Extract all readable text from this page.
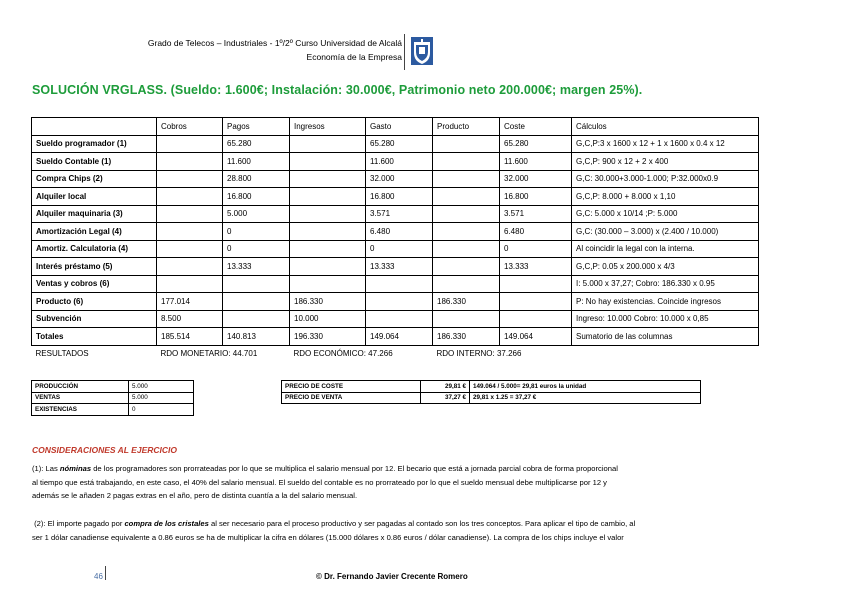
Grado de Telecos – Industriales - 1º/2º Curso Universidad de Alcalá
Economía de la Empresa
SOLUCIÓN VRGLASS. (Sueldo: 1.600€; Instalación: 30.000€, Patrimonio neto 200.000€; margen 25%).
	Cobros	Pagos	Ingresos	Gasto	Producto	Coste	Cálculos
Sueldo programador (1)		65.280		65.280		65.280	G,C,P:3 x 1600 x 12 + 1 x 1600 x 0.4 x 12
Sueldo Contable (1)		11.600		11.600		11.600	G,C,P: 900 x 12 + 2 x 400
Compra Chips (2)		28.800		32.000		32.000	G,C: 30.000+3.000-1.000; P:32.000x0.9
Alquiler local		16.800		16.800		16.800	G,C,P: 8.000 + 8.000 x 1,10
Alquiler maquinaria (3)		5.000		3.571		3.571	G,C: 5.000 x 10/14 ;P: 5.000
Amortización Legal (4)		0		6.480		6.480	G,C: (30.000 – 3.000) x (2.400 / 10.000)
Amortiz. Calculatoria (4)		0		0		0	Al coincidir la legal con la interna.
Interés préstamo (5)		13.333		13.333		13.333	G,C,P: 0.05 x 200.000 x 4/3
Ventas y cobros (6)							I: 5.000 x 37,27; Cobro: 186.330 x 0.95
Producto (6)	177.014		186.330		186.330		P: No hay existencias. Coincide ingresos
Subvención	8.500		10.000				Ingreso: 10.000 Cobro: 10.000 x 0,85
Totales	185.514	140.813	196.330	149.064	186.330	149.064	Sumatorio de las columnas
RESULTADOS	RDO MONETARIO: 44.701		RDO ECONÓMICO: 47.266		RDO INTERNO: 37.266		
PRODUCCIÓN	5.000
VENTAS	5.000
EXISTENCIAS	0
PRECIO DE COSTE	29,81 €	149.064 / 5.000= 29,81 euros la unidad
PRECIO DE VENTA	37,27 €	29,81 x 1.25 = 37,27 €
CONSIDERACIONES AL EJERCICIO
(1): Las nóminas de los programadores son prorrateadas por lo que se multiplica el salario mensual por 12. El becario que está a jornada parcial cobra de forma proporcional
al tiempo que está trabajando, en este caso, el 40% del salario mensual. El sueldo del contable es no prorrateado por lo que el sueldo mensual debe multiplicarse por 12 y
además se le añaden 2 pagas extras en el año, pero de distinta cuantía a la del salario mensual.
(2): El importe pagado por compra de los cristales al ser necesario para el proceso productivo y ser pagadas al contado son los tres conceptos. Para aplicar el tipo de cambio, al
ser 1 dólar canadiense equivalente a 0.86 euros se ha de multiplicar la cifra en dólares (15.000 dólares x 0.86 euros / dólar canadiense). La compra de los chips incluye el valor
46	© Dr. Fernando Javier Crecente Romero
